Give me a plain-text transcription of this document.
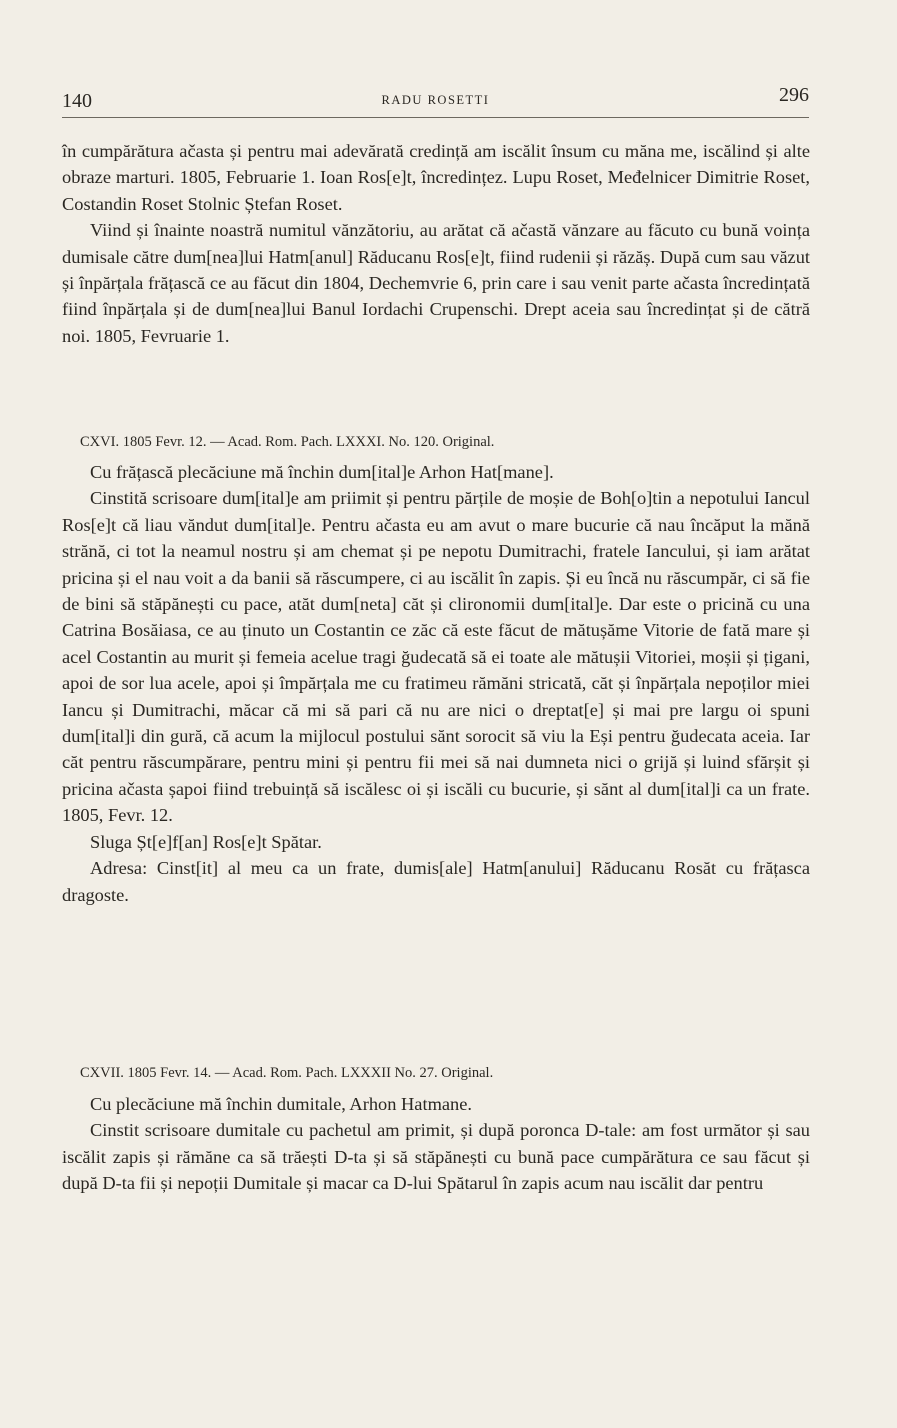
140	RADU ROSETTI	296

în cumpărătura ačasta și pentru mai adevărată credință am iscălit însum cu măna me, iscălind și alte obraze marturi. 1805, Februarie 1. Ioan Ros[e]t, încredințez. Lupu Roset, Međelnicer Dimitrie Roset, Costandin Roset Stolnic Ștefan Roset.

Viind și înainte noastră numitul vănzătoriu, au arătat că ačastă vănzare au făcuto cu bună voința dumisale către dum[nea]lui Hatm[anul] Răducanu Ros[e]t, fiind rudenii și răzăș. După cum sau văzut și înpărțala frățască ce au făcut din 1804, Dechemvrie 6, prin care i sau venit parte ačasta încredințată fiind înpărțala și de dum[nea]lui Banul Iordachi Crupenschi. Drept aceia sau încredințat și de cătră noi. 1805, Fevruarie 1.

CXVI. 1805 Fevr. 12. — Acad. Rom. Pach. LXXXI. No. 120. Original.

Cu frățască plecăciune mă închin dum[ital]e Arhon Hat[mane].

Cinstită scrisoare dum[ital]e am priimit și pentru părțile de moșie de Boh[o]tin a nepotului Iancul Ros[e]t că liau văndut dum[ital]e. Pentru ačasta eu am avut o mare bucurie că nau încăput la mănă strănă, ci tot la neamul nostru și am chemat și pe nepotu Dumitrachi, fratele Iancului, și iam arătat pricina și el nau voit a da banii să răscumpere, ci au iscălit în zapis. Și eu încă nu răscumpăr, ci să fie de bini să stăpănești cu pace, atăt dum[neta] căt și clironomii dum[ital]e. Dar este o pricină cu una Catrina Bosăiasa, ce au ținuto un Costantin ce zăc că este făcut de mătușăme Vitorie de fată mare și acel Costantin au murit și femeia acelue tragi ğudecată să ei toate ale mătușii Vitoriei, moșii și țigani, apoi de sor lua acele, apoi și împărțala me cu fratimeu rămăni stricată, căt și înpărțala nepoților miei Iancu și Dumitrachi, măcar că mi să pari că nu are nici o dreptat[e] și mai pre largu oi spuni dum[ital]i din gură, că acum la mijlocul postului sănt sorocit să viu la Eși pentru ğudecata aceia. Iar căt pentru răscumpărare, pentru mini și pentru fii mei să nai dumneta nici o grijă și luind sfărșit și pricina ačasta șapoi fiind trebuință să iscălesc oi și iscăli cu bucurie, și sănt al dum[ital]i ca un frate. 1805, Fevr. 12.

Sluga Șt[e]f[an] Ros[e]t Spătar.

Adresa: Cinst[it] al meu ca un frate, dumis[ale] Hatm[anului] Răducanu Rosăt cu frățasca dragoste.

CXVII. 1805 Fevr. 14. — Acad. Rom. Pach. LXXXII No. 27. Original.

Cu plecăciune mă închin dumitale, Arhon Hatmane.

Cinstit scrisoare dumitale cu pachetul am primit, și după poronca D-tale: am fost următor și sau iscălit zapis și rămăne ca să trăești D-ta și să stăpănești cu bună pace cumpărătura ce sau făcut și după D-ta fii și nepoții Dumitale și macar ca D-lui Spătarul în zapis acum nau iscălit dar pentru
